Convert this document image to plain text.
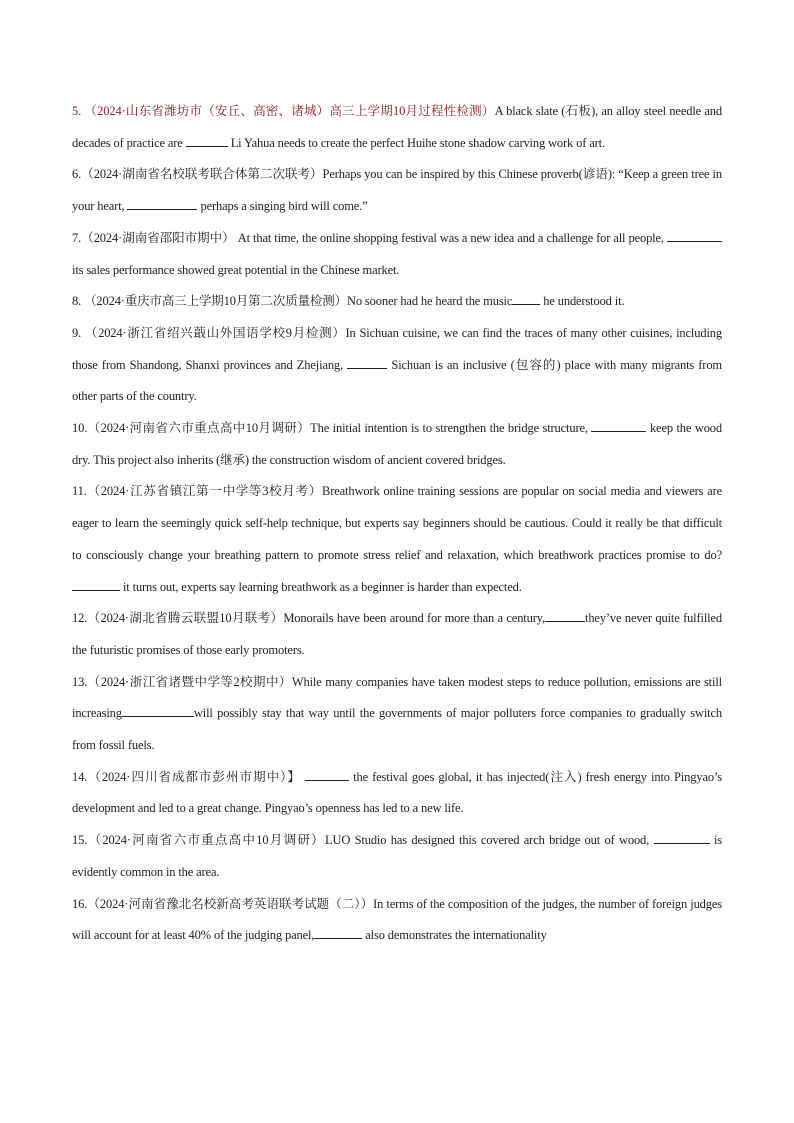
5. （2024·山东省潍坊市（安丘、高密、诸城）高三上学期10月过程性检测）A black slate (石板), an alloy steel needle and decades of practice are	Li Yahua needs to create the perfect Huihe stone shadow carving work of art.

6.（2024·湖南省名校联考联合体第二次联考）Perhaps you can be inspired by this Chinese proverb(谚语): “Keep a green tree in your heart,	perhaps a singing bird will come.”

7.（2024·湖南省邵阳市期中） At that time, the online shopping festival was a new idea and a challenge for all people,  its sales performance showed great potential in the Chinese market.

8. （2024·重庆市高三上学期10月第二次质量检测）No sooner had he heard the music he understood it.

9. （2024·浙江省绍兴蕺山外国语学校9月检测）In Sichuan cuisine, we can find the traces of many other cuisines, including those from Shandong, Shanxi provinces and Zhejiang,	Sichuan is an inclusive (包容的) place with many migrants from other parts of the country.

10.（2024·河南省六市重点高中10月调研）The initial intention is to strengthen the bridge structure,	keep the wood dry. This project also inherits (继承) the construction wisdom of ancient covered bridges.

11.（2024·江苏省镇江第一中学等3校月考）Breathwork online training sessions are popular on social media and viewers are eager to learn the seemingly quick self-help technique, but experts say beginners should be cautious. Could it really be that difficult to consciously change your breathing pattern to promote stress relief and relaxation, which breathwork practices promise to do?  it turns out, experts say learning breathwork as a beginner is harder than expected.

12.（2024·湖北省腾云联盟10月联考）Monorails have been around for more than a century,	they’ve never quite fulfilled the futuristic promises of those early promoters.

13.（2024·浙江省诸暨中学等2校期中）While many companies have taken modest steps to reduce pollution, emissions are still increasing	will possibly stay that way until the governments of major polluters force companies to gradually switch from fossil fuels.

14.（2024·四川省成都市彭州市期中）】	the festival goes global, it has injected(注入) fresh energy into Pingyao’s development and led to a great change. Pingyao’s openness has led to a new life.

15.（2024·河南省六市重点高中10月调研）LUO Studio has designed this covered arch bridge out of wood,	is evidently common in the area.

16.（2024·河南省豫北名校新高考英语联考试题（二））In terms of the composition of the judges, the number of foreign judges will account for at least 40% of the judging panel,	also demonstrates the internationality
